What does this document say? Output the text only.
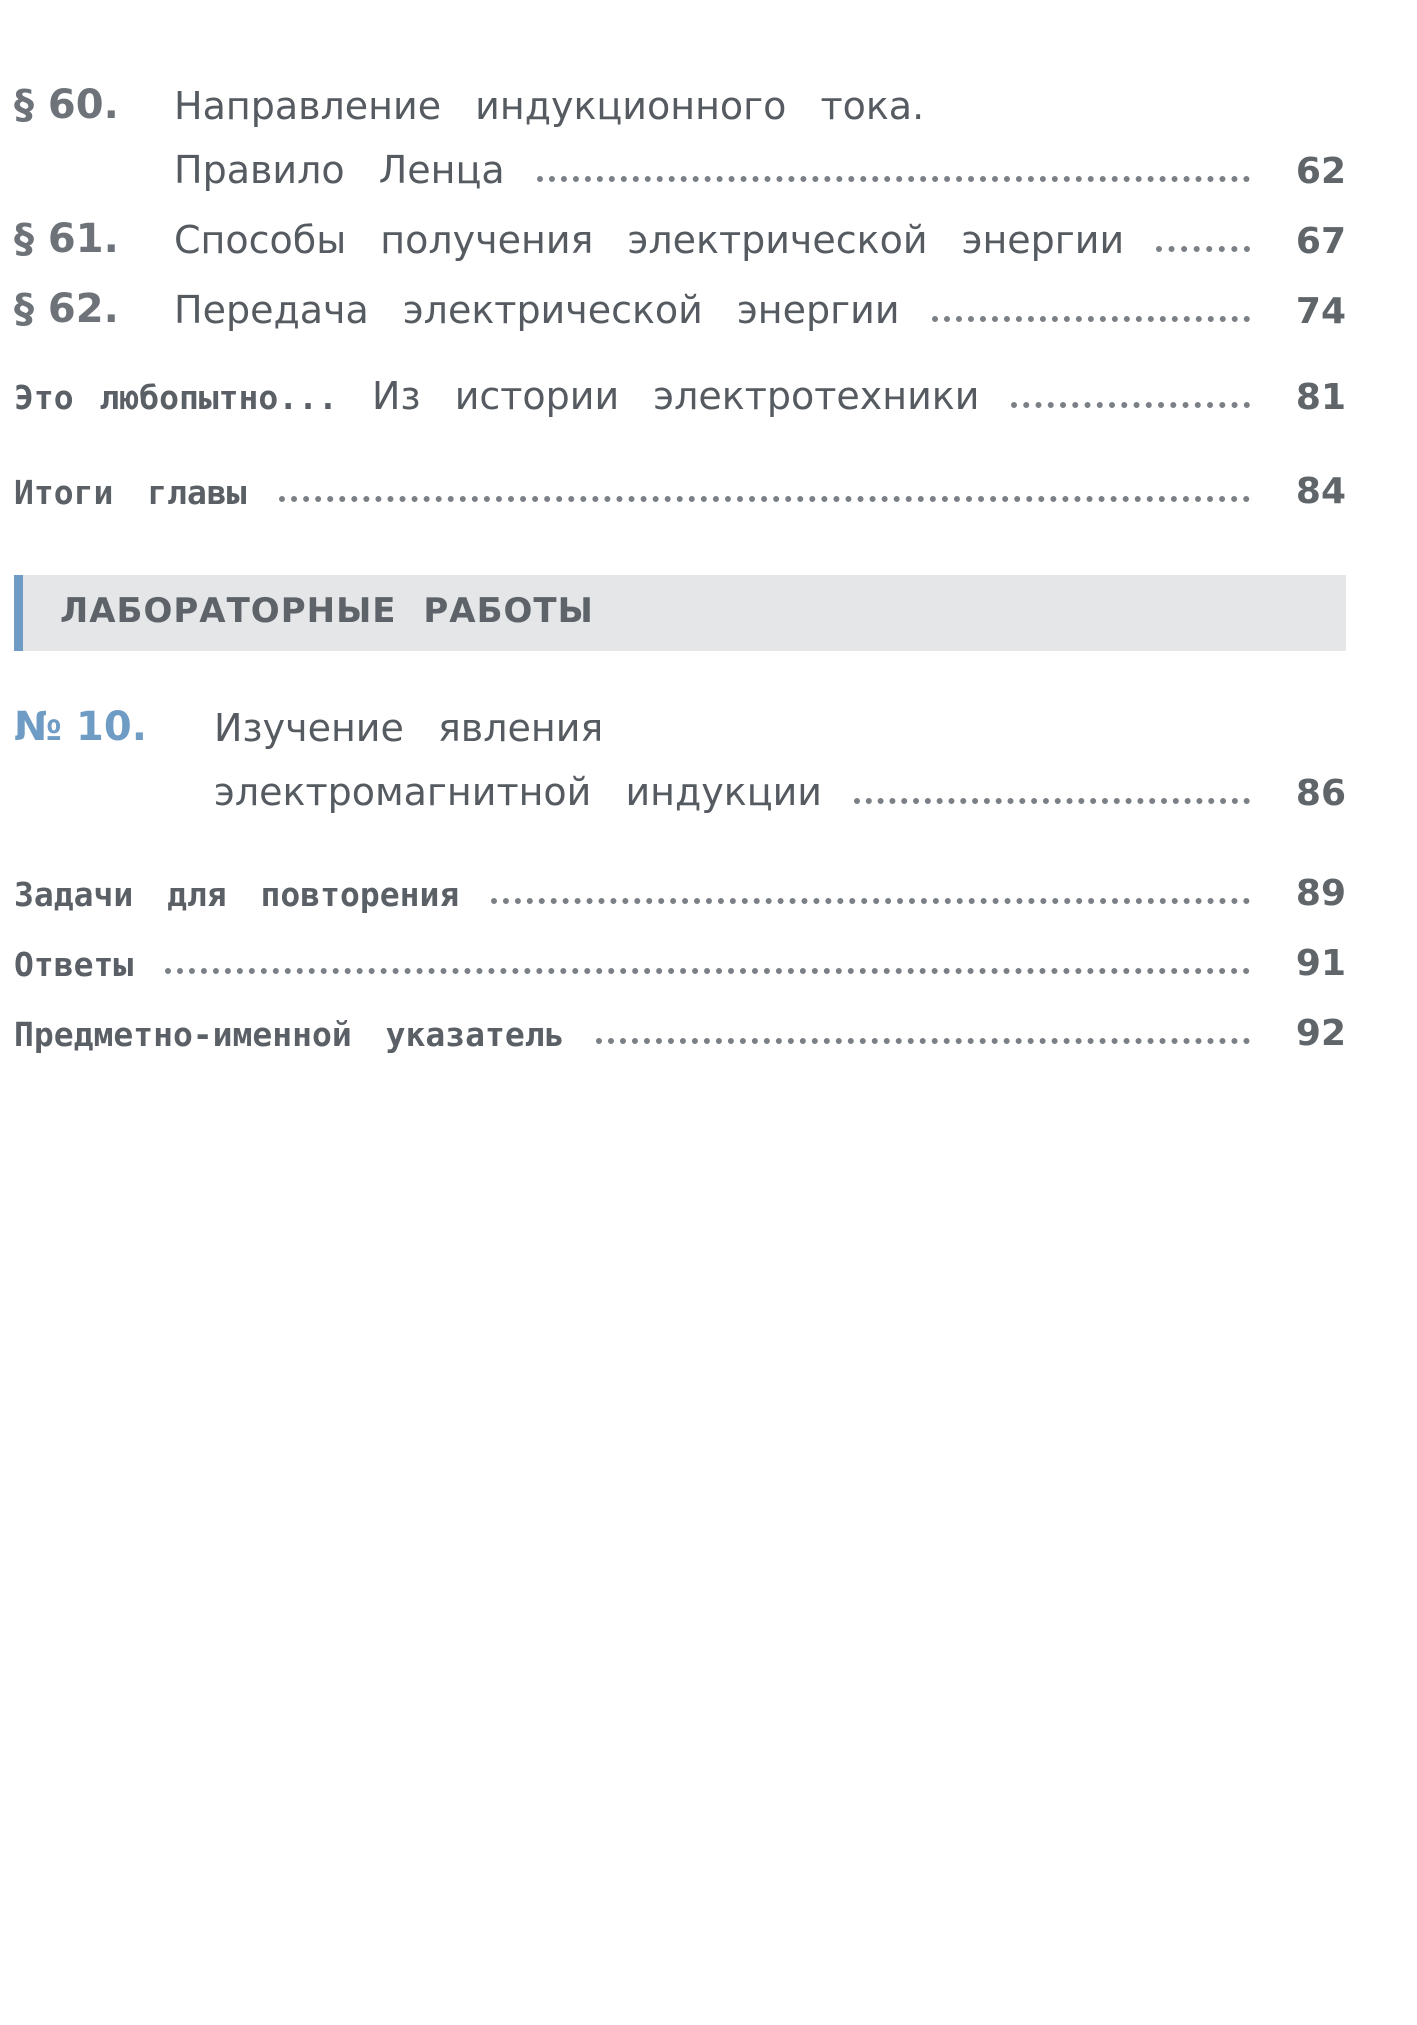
§ 60.	Направление индукционного тока.
Правило Ленца	62
§ 61.	Способы получения электрической энергии	67
§ 62.	Передача электрической энергии	74
Это любопытно... Из истории электротехники	81
Итоги главы	84
ЛАБОРАТОРНЫЕ РАБОТЫ
№ 10.	Изучение явления
электромагнитной индукции	86
Задачи для повторения	89
Ответы	91
Предметно-именной указатель	92
